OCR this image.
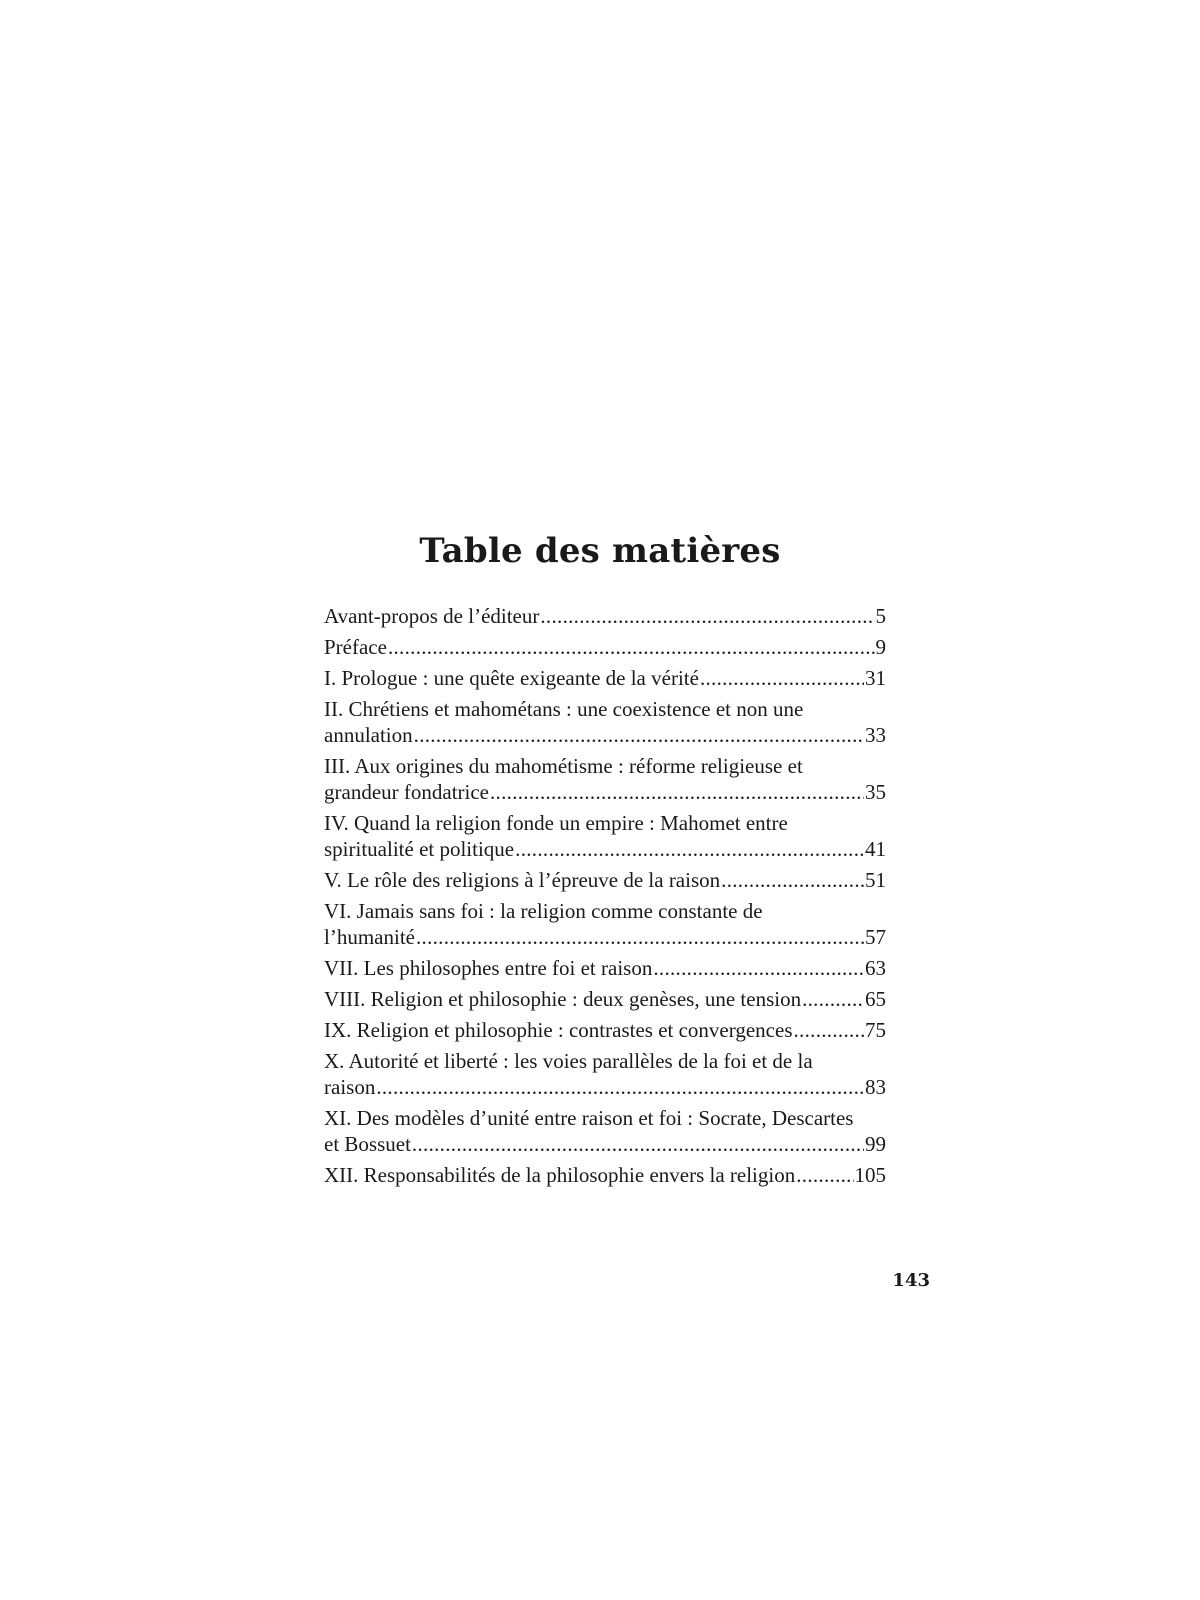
Table des matières
Avant-propos de l’éditeur .....	5
Préface .....	9
I. Prologue : une quête exigeante de la vérité .....	31
II. Chrétiens et mahométans : une coexistence et non une
annulation .....	33
III. Aux origines du mahométisme : réforme religieuse et
grandeur fondatrice .....	35
IV. Quand la religion fonde un empire : Mahomet entre
spiritualité et politique .....	41
V. Le rôle des religions à l’épreuve de la raison .....	51
VI. Jamais sans foi : la religion comme constante de
l’humanité .....	57
VII. Les philosophes entre foi et raison .....	63
VIII. Religion et philosophie : deux genèses, une tension .....	65
IX. Religion et philosophie : contrastes et convergences .....	75
X. Autorité et liberté : les voies parallèles de la foi et de la
raison .....	83
XI. Des modèles d’unité entre raison et foi : Socrate, Descartes
et Bossuet .....	99
XII. Responsabilités de la philosophie envers la religion .....	105
143
